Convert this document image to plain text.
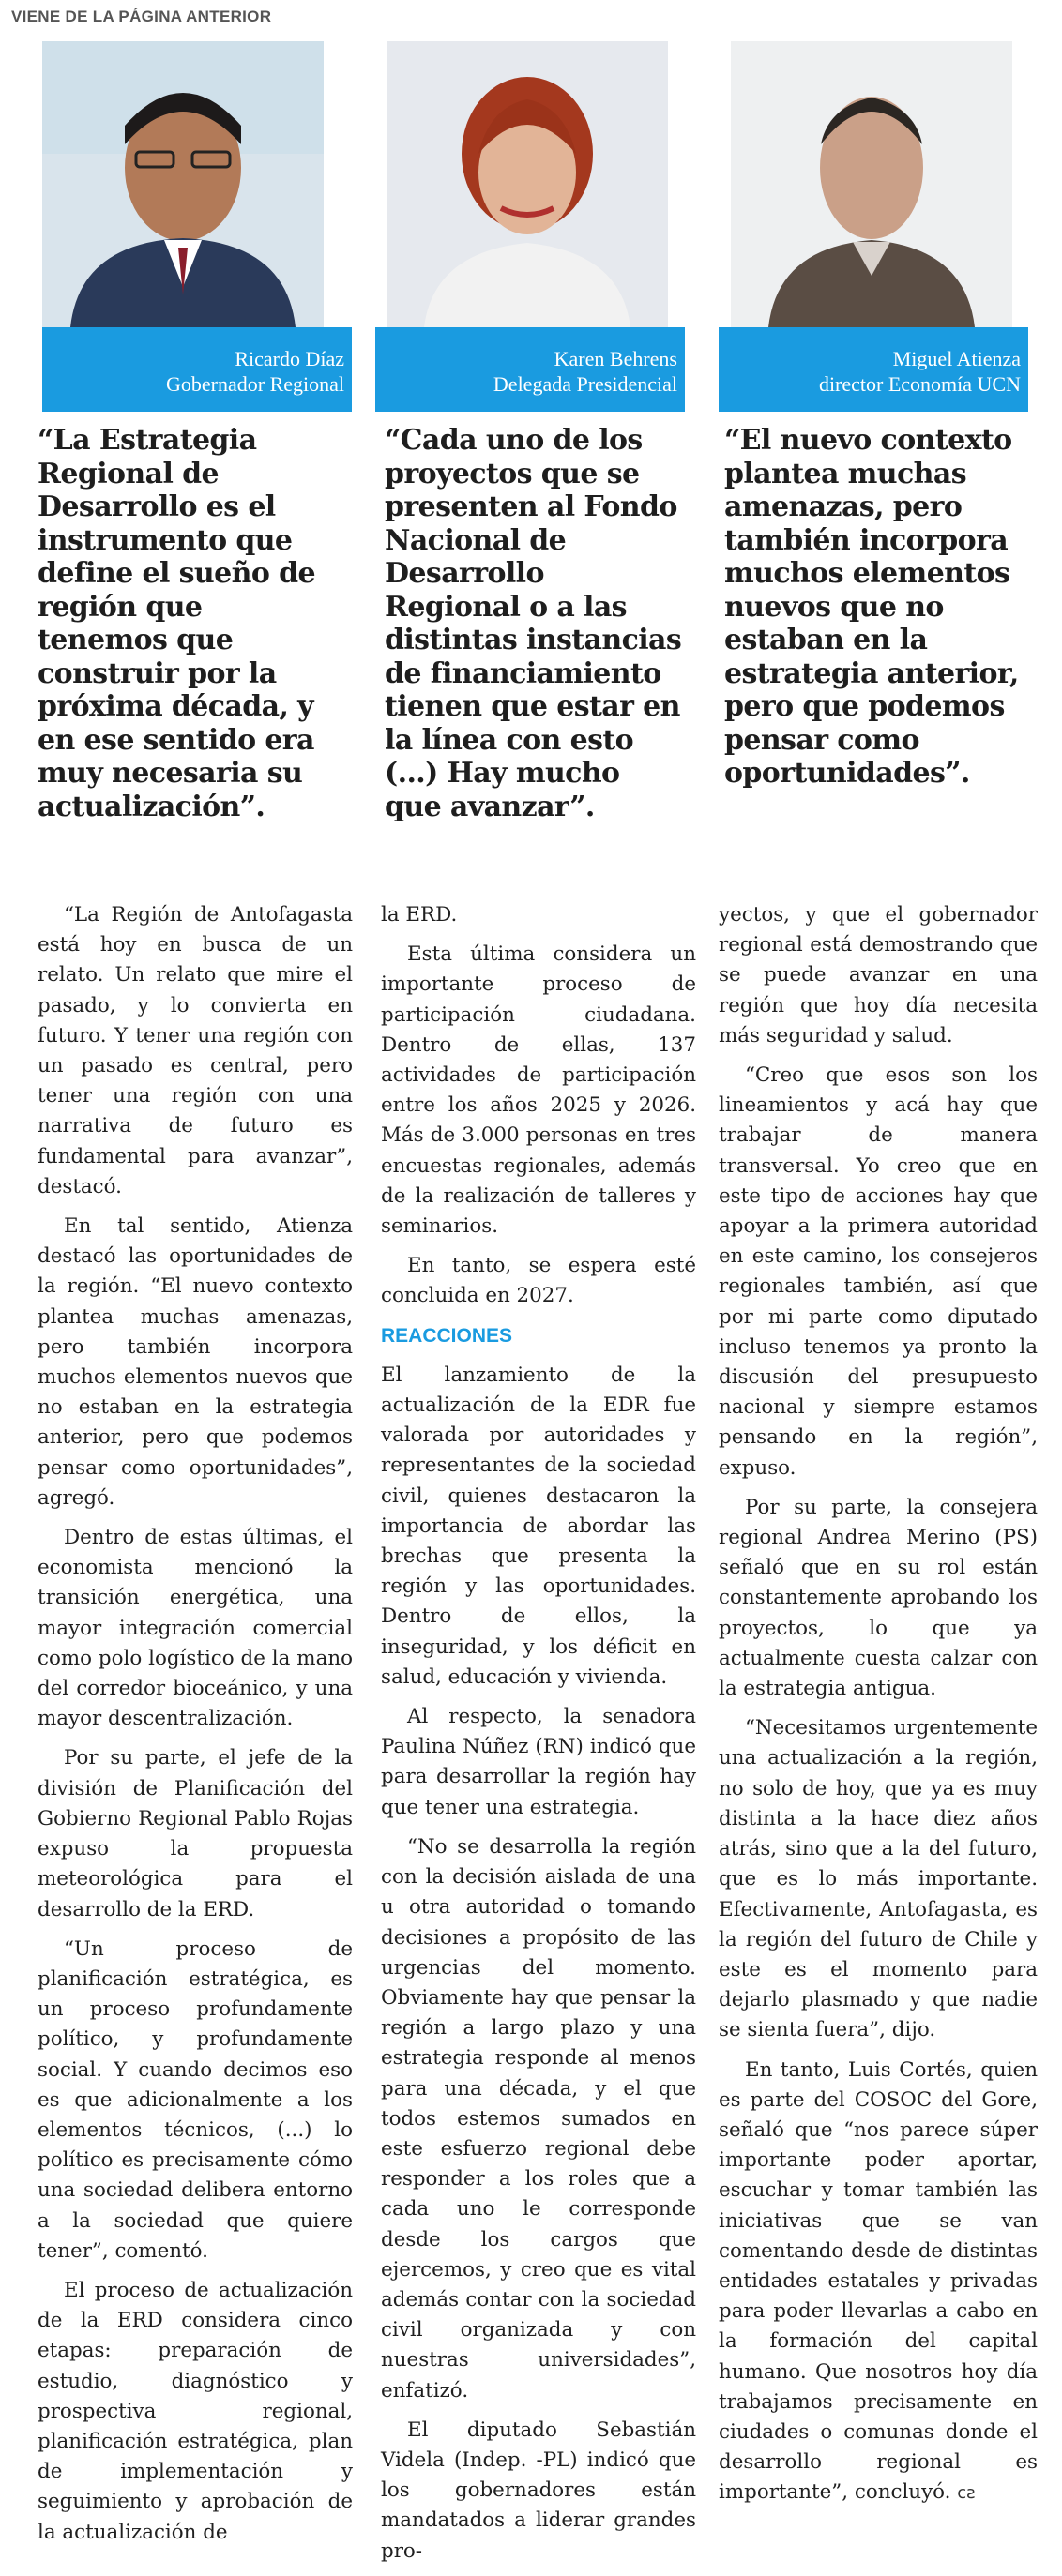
VIENE DE LA PÁGINA ANTERIOR
Ricardo Díaz
Gobernador Regional
Karen Behrens
Delegada Presidencial
Miguel Atienza
director Economía UCN
“La Estrategia Regional de Desarrollo es el instrumento que define el sueño de región que tenemos que construir por la próxima década, y en ese sentido era muy necesaria su actualización”.
“Cada uno de los proyectos que se presenten al Fondo Nacional de Desarrollo Regional o a las distintas instancias de financiamiento tienen que estar en la línea con esto (...) Hay mucho que avanzar”.
“El nuevo contexto plantea muchas amenazas, pero también incorpora muchos elementos nuevos que no estaban en la estrategia anterior, pero que podemos pensar como oportunidades”.

“La Región de Antofagasta está hoy en busca de un relato. Un relato que mire el pasado, y lo convierta en futuro. Y tener una región con un pasado es central, pero tener una región con una narrativa de futuro es fundamental para avanzar”, destacó.

En tal sentido, Atienza destacó las oportunidades de la región. “El nuevo contexto plantea muchas amenazas, pero también incorpora muchos elementos nuevos que no estaban en la estrategia anterior, pero que podemos pensar como oportunidades”, agregó.

Dentro de estas últimas, el economista mencionó la transición energética, una mayor integración comercial como polo logístico de la mano del corredor bioceánico, y una mayor descentralización.

Por su parte, el jefe de la división de Planificación del Gobierno Regional Pablo Rojas expuso la propuesta meteorológica para el desarrollo de la ERD.

“Un proceso de planificación estratégica, es un proceso profundamente político, y profundamente social. Y cuando decimos eso es que adicionalmente a los elementos técnicos, (...) lo político es precisamente cómo una sociedad delibera entorno a la sociedad que quiere tener”, comentó.

El proceso de actualización de la ERD considera cinco etapas: preparación de estudio, diagnóstico y prospectiva regional, planificación estratégica, plan de implementación y seguimiento y aprobación de la actualización de

la ERD.

Esta última considera un importante proceso de participación ciudadana. Dentro de ellas, 137 actividades de participación entre los años 2025 y 2026. Más de 3.000 personas en tres encuestas regionales, además de la realización de talleres y seminarios.

En tanto, se espera esté concluida en 2027.

REACCIONES

El lanzamiento de la actualización de la EDR fue valorada por autoridades y representantes de la sociedad civil, quienes destacaron la importancia de abordar las brechas que presenta la región y las oportunidades. Dentro de ellos, la inseguridad, y los déficit en salud, educación y vivienda.

Al respecto, la senadora Paulina Núñez (RN) indicó que para desarrollar la región hay que tener una estrategia.

“No se desarrolla la región con la decisión aislada de una u otra autoridad o tomando decisiones a propósito de las urgencias del momento. Obviamente hay que pensar la región a largo plazo y una estrategia responde al menos para una década, y el que todos estemos sumados en este esfuerzo regional debe responder a los roles que a cada uno le corresponde desde los cargos que ejercemos, y creo que es vital además contar con la sociedad civil organizada y con nuestras universidades”, enfatizó.

El diputado Sebastián Videla (Indep. -PL) indicó que los gobernadores están mandatados a liderar grandes pro-

yectos, y que el gobernador regional está demostrando que se puede avanzar en una región que hoy día necesita más seguridad y salud.

“Creo que esos son los lineamientos y acá hay que trabajar de manera transversal. Yo creo que en este tipo de acciones hay que apoyar a la primera autoridad en este camino, los consejeros regionales también, así que por mi parte como diputado incluso tenemos ya pronto la discusión del presupuesto nacional y siempre estamos pensando en la región”, expuso.

Por su parte, la consejera regional Andrea Merino (PS) señaló que en su rol están constantemente aprobando los proyectos, lo que ya actualmente cuesta calzar con la estrategia antigua.

“Necesitamos urgentemente una actualización a la región, no solo de hoy, que ya es muy distinta a la hace diez años atrás, sino que a la del futuro, que es lo más importante. Efectivamente, Antofagasta, es la región del futuro de Chile y este es el momento para dejarlo plasmado y que nadie se sienta fuera”, dijo.

En tanto, Luis Cortés, quien es parte del COSOC del Gore, señaló que “nos parece súper importante poder aportar, escuchar y tomar también las iniciativas que se van comentando desde de distintas entidades estatales y privadas para poder llevarlas a cabo en la formación del capital humano. Que nosotros hoy día trabajamos precisamente en ciudades o comunas donde el desarrollo regional es importante”, concluyó. ᴄƨ
